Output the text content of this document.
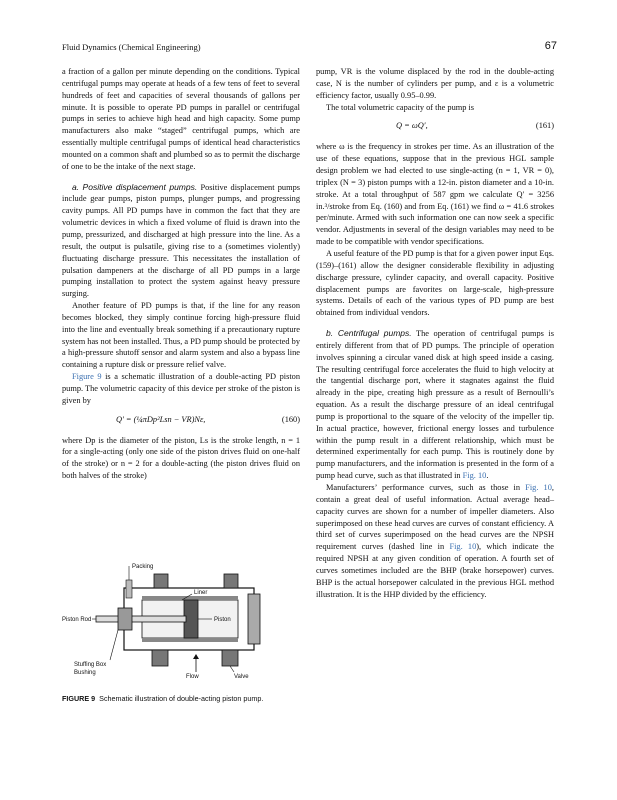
Fluid Dynamics (Chemical Engineering)	67

a fraction of a gallon per minute depending on the conditions. Typical centrifugal pumps may operate at heads of a few tens of feet to several hundreds of feet and capacities of several thousands of gallons per minute. It is possible to operate PD pumps in parallel or centrifugal pumps in series to achieve high head and high capacity. Some pump manufacturers also make “staged” centrifugal pumps, which are essentially multiple centrifugal pumps of identical head characteristics mounted on a common shaft and plumbed so as to permit the discharge of one to be the intake of the next stage.

a. Positive displacement pumps. Positive displacement pumps include gear pumps, piston pumps, plunger pumps, and progressing cavity pumps. All PD pumps have in common the fact that they are volumetric devices in which a fixed volume of fluid is drawn into the pump, pressurized, and discharged at high pressure into the line. As a result, the output is pulsatile, giving rise to a (sometimes violently) fluctuating discharge pressure. This necessitates the installation of pulsation dampeners at the discharge of all PD pumps in a large pumping installation to protect the system against heavy pressure surging.

Another feature of PD pumps is that, if the line for any reason becomes blocked, they simply continue forcing high-pressure fluid into the line and eventually break something if a precautionary rupture system has not been installed. Thus, a PD pump should be protected by a high-pressure shutoff sensor and alarm system and also a bypass line containing a rupture disk or pressure relief valve.

Figure 9 is a schematic illustration of a double-acting PD piston pump. The volumetric capacity of this device per stroke of the piston is given by

Q′ = (¼πDp²Lsn − VR)Nε,	(160)

where Dp is the diameter of the piston, Ls is the stroke length, n = 1 for a single-acting (only one side of the piston drives fluid on one-half of the stroke) or n = 2 for a double-acting (the piston drives fluid on both halves of the stroke)

Packing
Liner
Piston Rod	Piston
Stuffing Box
Bushing
Flow	Valve
FIGURE 9 Schematic illustration of double-acting piston pump.

pump, VR is the volume displaced by the rod in the double-acting case, N is the number of cylinders per pump, and ε is a volumetric efficiency factor, usually 0.95–0.99.

The total volumetric capacity of the pump is

Q = ωQ′,	(161)

where ω is the frequency in strokes per time. As an illustration of the use of these equations, suppose that in the previous HGL sample design problem we had elected to use single-acting (n = 1, VR = 0), triplex (N = 3) piston pumps with a 12-in. piston diameter and a 10-in. stroke. At a total throughput of 587 gpm we calculate Q′ = 3256 in.³/stroke from Eq. (160) and from Eq. (161) we find ω = 41.6 strokes per/minute. Armed with such information one can now seek a specific vendor. Adjustments in several of the design variables may need to be made to be compatible with vendor specifications.

A useful feature of the PD pump is that for a given power input Eqs. (159)–(161) allow the designer considerable flexibility in adjusting discharge pressure, cylinder capacity, and overall capacity. Positive displacement pumps are favorites on large-scale, high-pressure systems. Details of each of the various types of PD pump are best obtained from individual vendors.

b. Centrifugal pumps. The operation of centrifugal pumps is entirely different from that of PD pumps. The principle of operation involves spinning a circular vaned disk at high speed inside a casing. The resulting centrifugal force accelerates the fluid to high velocity at the tangential discharge port, where it stagnates against the fluid already in the pipe, creating high pressure as a result of Bernoulli’s equation. As a result the discharge pressure of an ideal centrifugal pump is proportional to the square of the velocity of the impeller tip. In actual practice, however, frictional energy losses and turbulence within the pump result in a different relationship, which must be determined experimentally for each pump. This is routinely done by pump manufacturers, and the information is presented in the form of a pump head curve, such as that illustrated in Fig. 10.

Manufacturers’ performance curves, such as those in Fig. 10, contain a great deal of useful information. Actual average head–capacity curves are shown for a number of impeller diameters. Also superimposed on these head curves are curves of constant efficiency. A third set of curves superimposed on the head curves are the NPSH requirement curves (dashed line in Fig. 10), which indicate the required NPSH at any given condition of operation. A fourth set of curves sometimes included are the BHP (brake horsepower) curves. BHP is the actual horsepower calculated in the previous HGL method illustration. It is the HHP divided by the efficiency.
